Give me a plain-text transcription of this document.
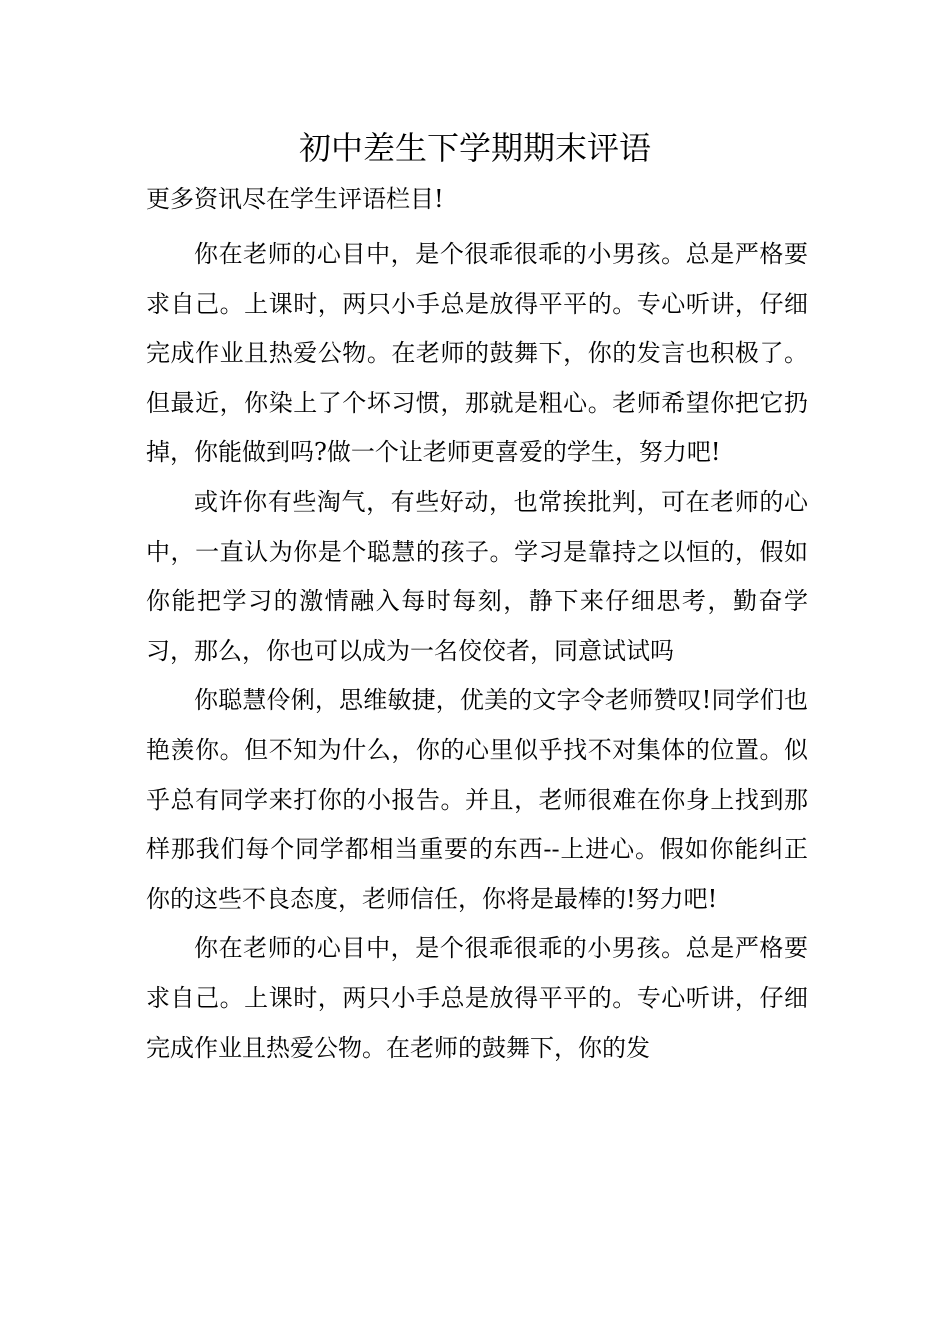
初中差生下学期期末评语
更多资讯尽在学生评语栏目!

你在老师的心目中，是个很乖很乖的小男孩。总是严格要求自己。上课时，两只小手总是放得平平的。专心听讲，仔细完成作业且热爱公物。在老师的鼓舞下，你的发言也积极了。但最近，你染上了个坏习惯，那就是粗心。老师希望你把它扔掉，你能做到吗?做一个让老师更喜爱的学生，努力吧!

或许你有些淘气，有些好动，也常挨批判，可在老师的心中，一直认为你是个聪慧的孩子。学习是靠持之以恒的，假如你能把学习的激情融入每时每刻，静下来仔细思考，勤奋学习，那么，你也可以成为一名佼佼者，同意试试吗

你聪慧伶俐，思维敏捷，优美的文字令老师赞叹!同学们也艳羡你。但不知为什么，你的心里似乎找不对集体的位置。似乎总有同学来打你的小报告。并且，老师很难在你身上找到那样那我们每个同学都相当重要的东西--上进心。假如你能纠正你的这些不良态度，老师信任，你将是最棒的!努力吧!

你在老师的心目中，是个很乖很乖的小男孩。总是严格要求自己。上课时，两只小手总是放得平平的。专心听讲，仔细完成作业且热爱公物。在老师的鼓舞下，你的发
